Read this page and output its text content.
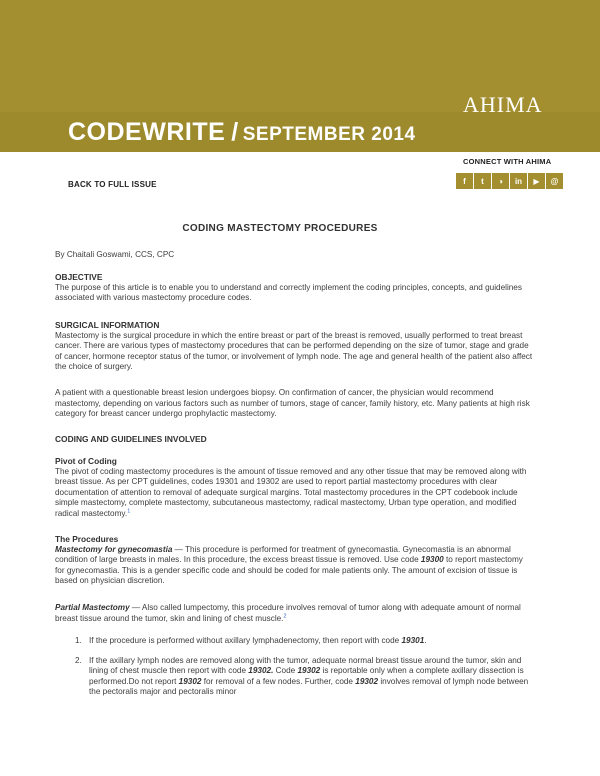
AHIMA
CODEWRITE / SEPTEMBER 2014
CONNECT WITH AHIMA
f	t	◑	in	▶	@
BACK TO FULL ISSUE
CODING MASTECTOMY PROCEDURES
By Chaitali Goswami, CCS, CPC

OBJECTIVE

The purpose of this article is to enable you to understand and correctly implement the coding principles, concepts, and guidelines associated with various mastectomy procedure codes.

SURGICAL INFORMATION

Mastectomy is the surgical procedure in which the entire breast or part of the breast is removed, usually performed to treat breast cancer. There are various types of mastectomy procedures that can be performed depending on the size of tumor, stage and grade of cancer, hormone receptor status of the tumor, or involvement of lymph node. The age and general health of the patient also affect the choice of surgery.

A patient with a questionable breast lesion undergoes biopsy. On confirmation of cancer, the physician would recommend mastectomy, depending on various factors such as number of tumors, stage of cancer, family history, etc. Many patients at high risk category for breast cancer undergo prophylactic mastectomy.

CODING AND GUIDELINES INVOLVED

Pivot of Coding

The pivot of coding mastectomy procedures is the amount of tissue removed and any other tissue that may be removed along with breast tissue. As per CPT guidelines, codes 19301 and 19302 are used to report partial mastectomy procedures with clear documentation of attention to removal of adequate surgical margins. Total mastectomy procedures in the CPT codebook include simple mastectomy, complete mastectomy, subcutaneous mastectomy, radical mastectomy, Urban type operation, and modified radical mastectomy.$^1$

The Procedures

Mastectomy for gynecomastia — This procedure is performed for treatment of gynecomastia. Gynecomastia is an abnormal condition of large breasts in males. In this procedure, the excess breast tissue is removed. Use code 19300 to report mastectomy for gynecomastia. This is a gender specific code and should be coded for male patients only. The amount of excision of tissue is based on physician discretion.

Partial Mastectomy — Also called lumpectomy, this procedure involves removal of tumor along with adequate amount of normal breast tissue around the tumor, skin and lining of chest muscle.$^2$

1. If the procedure is performed without axillary lymphadenectomy, then report with code 19301.
2. If the axillary lymph nodes are removed along with the tumor, adequate normal breast tissue around the tumor, skin and lining of chest muscle then report with code 19302. Code 19302 is reportable only when a complete axillary dissection is performed.Do not report 19302 for removal of a few nodes. Further, code 19302 involves removal of lymph node between the pectoralis major and pectoralis minor
